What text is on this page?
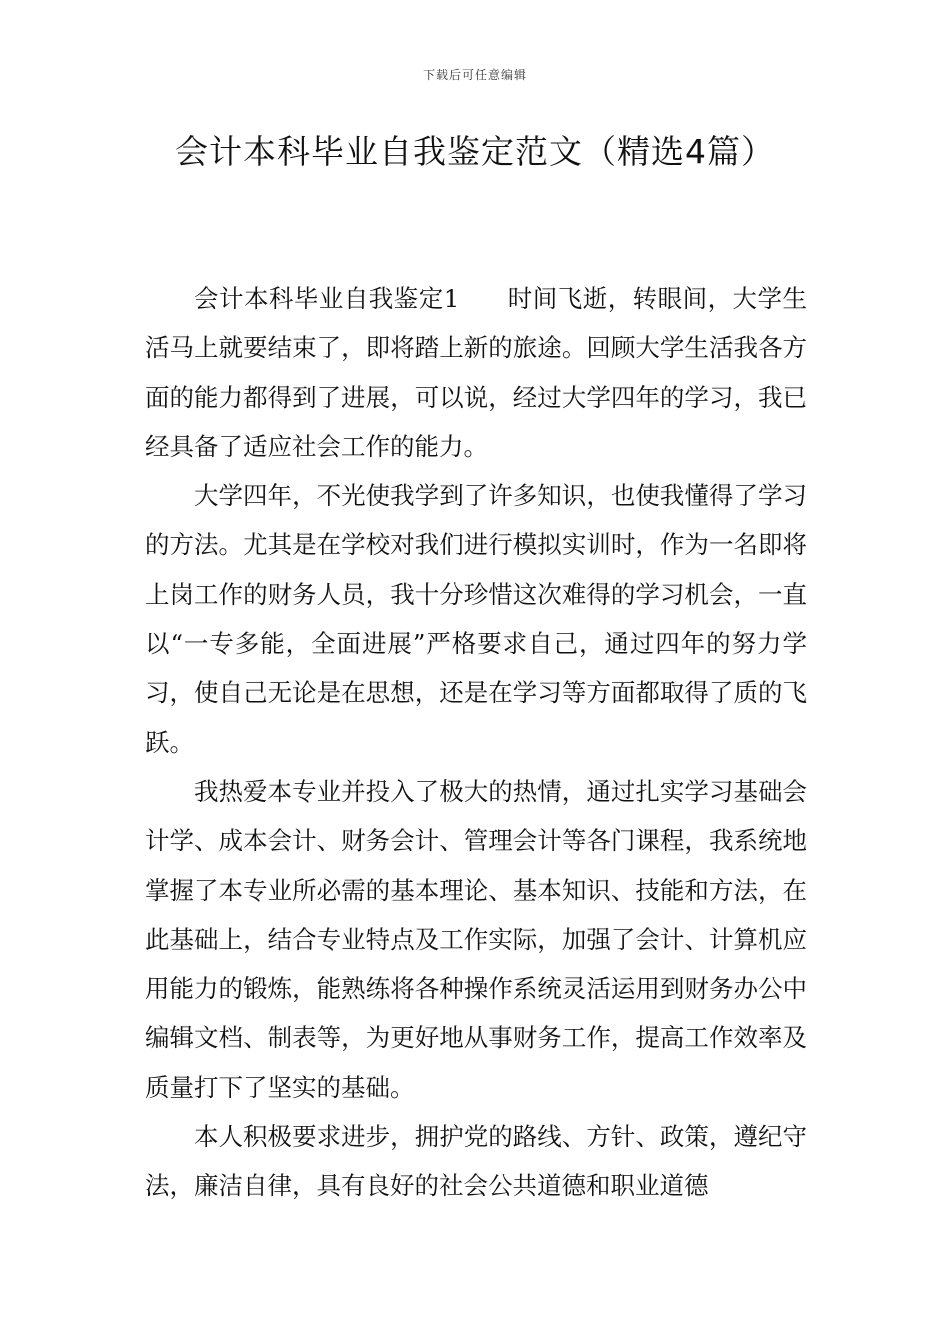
下载后可任意编辑
会计本科毕业自我鉴定范文（精选4篇）

会计本科毕业自我鉴定1 时间飞逝，转眼间，大学生活马上就要结束了，即将踏上新的旅途。回顾大学生活我各方面的能力都得到了进展，可以说，经过大学四年的学习，我已经具备了适应社会工作的能力。

大学四年，不光使我学到了许多知识，也使我懂得了学习的方法。尤其是在学校对我们进行模拟实训时，作为一名即将上岗工作的财务人员，我十分珍惜这次难得的学习机会，一直以“一专多能，全面进展”严格要求自己，通过四年的努力学习，使自己无论是在思想，还是在学习等方面都取得了质的飞跃。

我热爱本专业并投入了极大的热情，通过扎实学习基础会计学、成本会计、财务会计、管理会计等各门课程，我系统地掌握了本专业所必需的基本理论、基本知识、技能和方法，在此基础上，结合专业特点及工作实际，加强了会计、计算机应用能力的锻炼，能熟练将各种操作系统灵活运用到财务办公中编辑文档、制表等，为更好地从事财务工作，提高工作效率及质量打下了坚实的基础。

本人积极要求进步，拥护党的路线、方针、政策，遵纪守法，廉洁自律，具有良好的社会公共道德和职业道德
